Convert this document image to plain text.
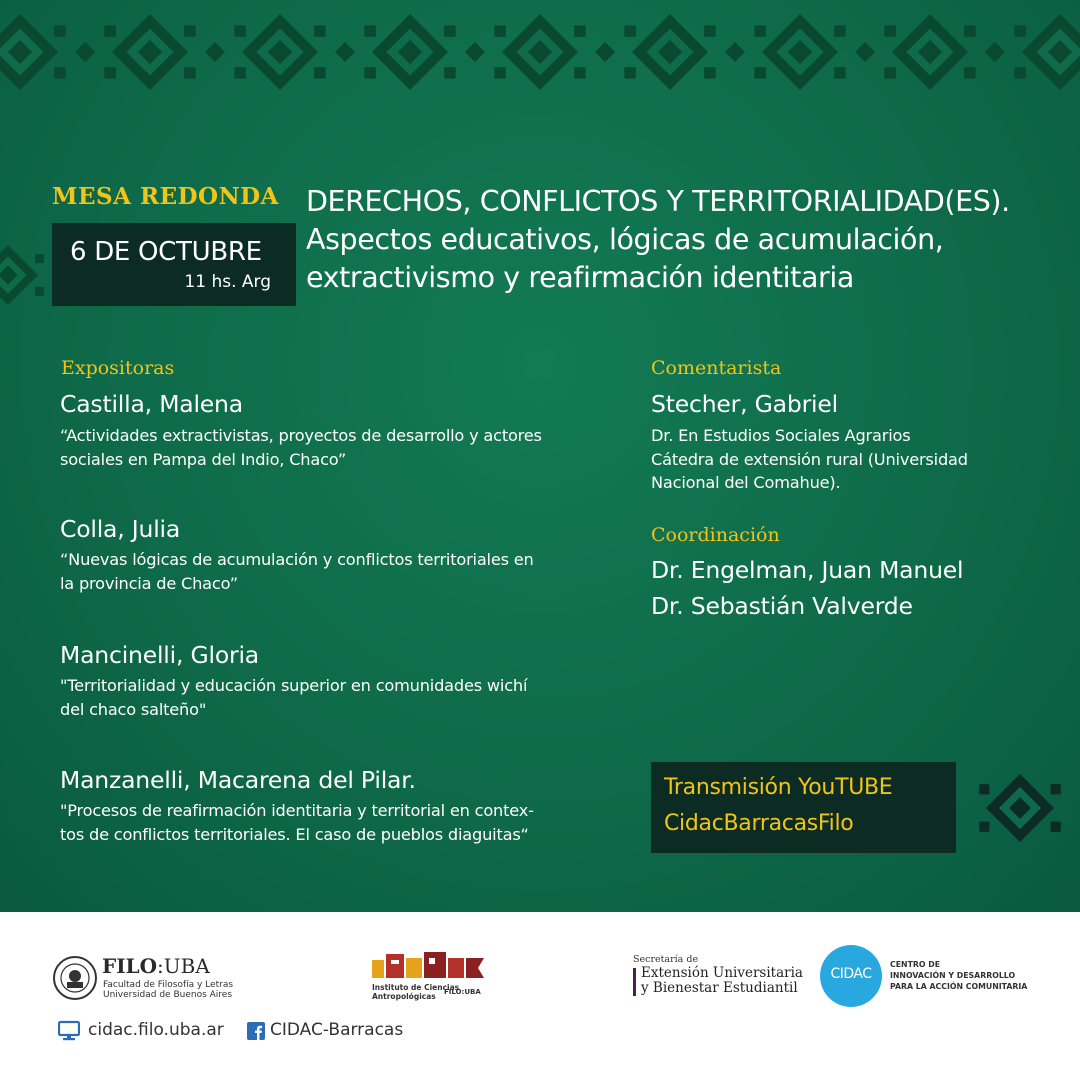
MESA REDONDA
6 DE OCTUBRE
11 hs. Arg
DERECHOS, CONFLICTOS Y TERRITORIALIDAD(ES).
Aspectos educativos, lógicas de acumulación,
extractivismo y reafirmación identitaria
Expositoras
Castilla, Malena
“Actividades extractivistas, proyectos de desarrollo y actores
sociales en Pampa del Indio, Chaco”
Colla, Julia
“Nuevas lógicas de acumulación y conflictos territoriales en
la provincia de Chaco”
Mancinelli, Gloria
"Territorialidad y educación superior en comunidades wichí
del chaco salteño"
Manzanelli, Macarena del Pilar.
"Procesos de reafirmación identitaria y territorial en contex-
tos de conflictos territoriales. El caso de pueblos diaguitas“
Comentarista
Stecher, Gabriel
Dr. En Estudios Sociales Agrarios
Cátedra de extensión rural (Universidad
Nacional del Comahue).
Coordinación
Dr. Engelman, Juan Manuel
Dr. Sebastián Valverde
Transmisión YouTUBE
CidacBarracasFilo
FILO:UBA
Facultad de Filosofía y Letras
Universidad de Buenos Aires
Instituto de Ciencias
Antropológicas	FILO:UBA
Secretaría de
Extensión Universitaria
y Bienestar Estudiantil
CIDAC
CENTRO DE
INNOVACIÓN Y DESARROLLO
PARA LA ACCIÓN COMUNITARIA
cidac.filo.uba.ar	CIDAC-Barracas
